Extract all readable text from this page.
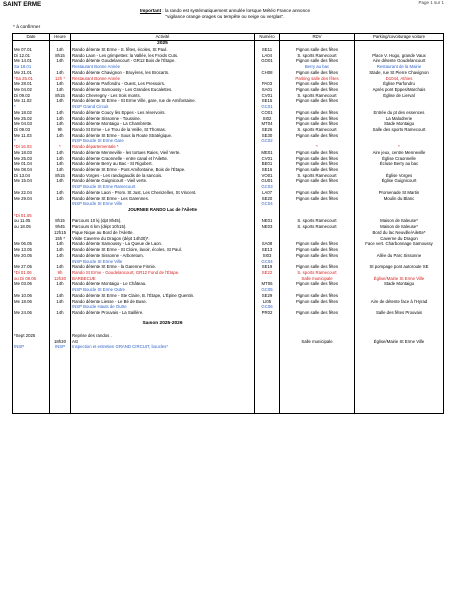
SAINT ERME	Page 1 sur 1
Important : la rando est systématiquement annulée lorsque Météo France annonce
"vigilance orange orages ou tempête ou neige ou verglas".
* à confirmer
Date	Heure	Activité	Numéro	RDV	Parking/covoiturage voiture
		2025			
Me 07.01	14h	Rando détente St Erme - S. fêtes, écoles, St Paul.	SE11	Pignon salle des fêtes	
Di 12.01	8h15	Rando Laon - Les grimpettes: la Vallée, les Froids Cuts.	LA04	S. sports Ramecourt	Place V. Hugo, grande Vaux
Me 14.01	14h	Rando détente Goudelancourt - GR12 Bois de l'Étape.	GO01	Pignon salle des fêtes	Aire détente Goudelancourt
Sa 18.01		Restaurant Bonne Année		Berry au bac	Restaurant de la Mairie
Me 21.01	14h	Rando détente Chavignon - Bruyères, les Brocarts.	CH08	Pignon salle des fêtes	Stade, rue St Pierre Chavignon
*Sa 25.01	12h *	Restaurant Bonne Année		Parking salle des fêtes	D1044, Athies
Me 28.01	14h	Rando détente Parfondru - Ouest, Les Pressoirs.	PA03	Pignon salle des fêtes	Église Parfondru
Me 04.02	14h	Rando détente Samoussy - Les Grandes Eucalettes.	SA01	Pignon salle des fêtes	Après pont Eppes/Marchais
Di 09.02	8h15	Rando Chevregny - Les trois monts.	CV01	S. sports Ramecourt	Église de Lierval
Me 11.02	14h	Rando détente St Erme - St Erme Ville, gare, rue de Amifontaine.	SE15	Pignon salle des fêtes	
*		INSP Grand Circuit	GC01		
Me 18.02	14h	Rando détente Coucy lès Eppes - Les réservoirs.	CO01	Pignon salle des fêtes	Entrée du pt des essences
Me 25.02	14h	Rando détente Sissonne - Toussine.	SI02	Pignon salle des fêtes	La Malodrerie
Me 04.03	14h	Rando détente Montaigu - La Chambrette.	MT04	Pignon salle des fêtes	Stade Montaigu
Di 09.03	9h	Rando St Erme - Le Trou de la Veille, St Thomas.	SE26	S. sports Ramecourt	Salle des sports Ramecourt
Me 11.03	14h	Rando détente St Erme - Sous la Route Stratégique.	SE30	Pignon salle des fêtes	
*		INSP Boucle St Erme Gare	GC02		
*Di 16.03	*	Rando départementale *		*	*
Me 18.03	14h	Rando détente Menneville - les tortues Raies, Vieil Verte.	ME01	Pignon salle des fêtes	Aire jeux, centre Menneville
Me 25.03	14h	Rando détente Craonnelle - entre canal et l'Ailette.	CV01	Pignon salle des fêtes	Église Craonnelle
Me 01.04	14h	Rando détente Berry au Bac - St Rigobert.	BE01	Pignon salle des fêtes	Écluse Berry au bac
Me 08.04	14h	Rando détente St Erme - Pont Amifontaine, Bois de l'Étape.	SE16	Pignon salle des fêtes	
Di 13.04	8h15	Rando Vorges - Les randogaudis de la sancois.	VO01	S. sports Ramecourt	Église Vorges
Me 15.04	14h	Rando détente Guignicourt - Vieil verte.	GU01	Pignon salle des fêtes	Église Guignicourt
		INSP Boucle St Erme Ramecourt	GC03		
Me 22.04	14h	Rando détente Laon - Prom. St Just, Les Chenizelles, St Vincent.	LA07	Pignon salle des fêtes	Promenade St Martin
Me 29.04	14h	Rando détente St Erme - Les Garennes.	SE20	Pignon salle des fêtes	Moulin du Blanc
		INSP Boucle St Erme Ville	GC04		
		JOURNEE RANDO Lac de l'Ailette			
*Di 01.05					
ou 11.05	8h15	Parcours 10 kj (dpt 8h45).	NE01	S. sports Ramecourt	Maison de Italeuse*
ou 18.05	9h45	Parcours 6 km (dépt 10h15).	NE03	S. sports Ramecourt	Maison de Italeuse*
	12h15	Pique Nique au Bord de l'Ailette.			Bord du lac Neuville/Ailette*
	15h *	Visite Caverne du Dragon (dépt 14h30)*.			Caverne du Dragon
Me 06.05	14h	Rando détente Samoussy - La Queue de Laon.	SA08	Pignon salle des fêtes	Face vert. Charbonnage Samoussy
Me 13.05	14h	Rando détente St Erme - St Cloire, lavoir, écoles, St Paul.	SE13	Pignon salle des fêtes	
Me 20.05	14h	Rando détente Sissonne - Arboretum.	SI03	Pignon salle des fêtes	Allée du Parc Sissonne
		INSP Boucle St Erme Ville	GC04		
Me 27.05	14h	Rando détente St Erme - la Garenne Finnie.	SE19	Pignon salle des fêtes	St pompage pont autoroute SE
*Di 01.06	9h	Rando St Erme - Goudelancourt, GR12 Fond de l'Étape.	SE22	S. sports Ramecourt	
ou Di 08.06	12h30	BARBECUE		Salle municipale	Église/Mairie St Erme Ville
Me 03.06	14h	Rando détente Montaigu - Le Château.	MT06	Pignon salle des fêtes	Stade Montaigu
		INSP Boucle St Erme Outre	GC05		
Me 10.06	14h	Rando détente St Erme - Ste Claire, B. l'Étape, L'Épine Quentin.	SE29	Pignon salle des fêtes	
Me 18.06	14h	Rando détente Liesse - Le Bé de Buse.	LI05	Pignon salle des fêtes	Aire de détente face à l'Hyrad
		INSP Boucle Hauts de Outre	GC06		
Me 24.06	14h	Rando détente Prouvais - La Saillère.	PR02	Pignon salle des fêtes	Salle des fêtes Prouvais

		Saison 2025-2026			

*Sept 2025		Reprise des randos .			
	18h30	AG		Salle municipale	Église/Mairie St Erme Ville
INSP	INSP	Inspection et entretien GRAND CIRCUIT, boucles*			
